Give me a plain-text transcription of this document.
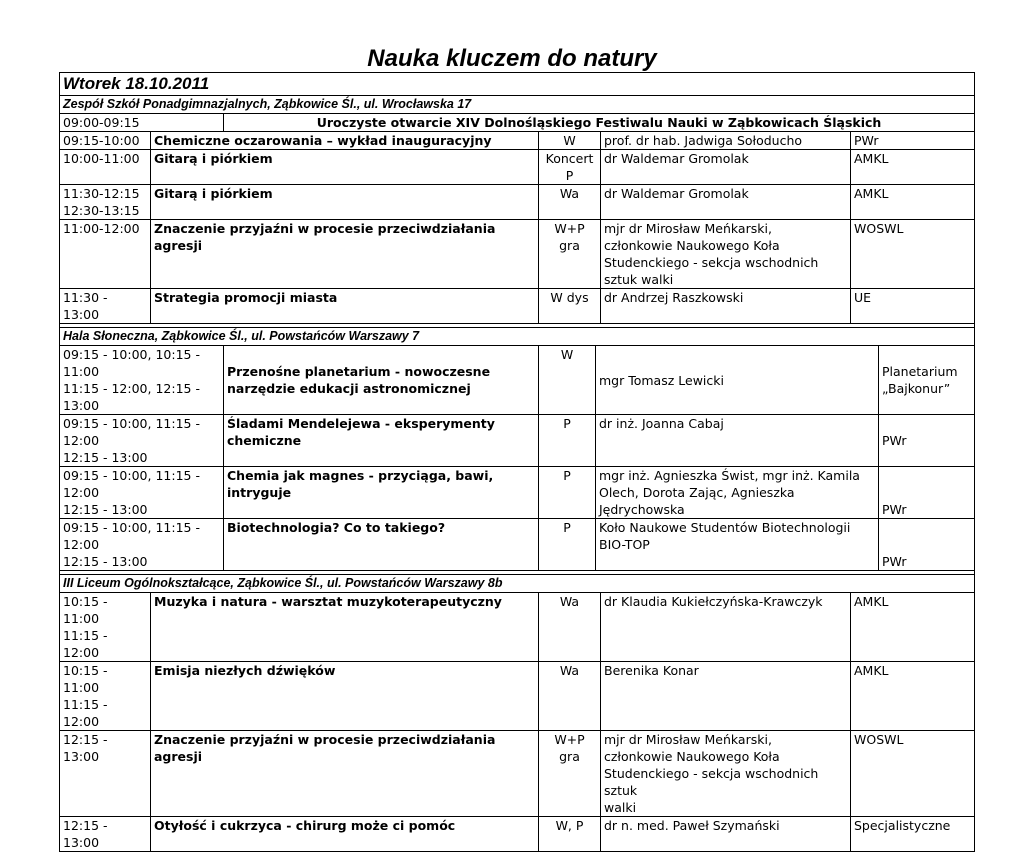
Nauka kluczem do natury
Wtorek 18.10.2011							
Zespół Szkół Ponadgimnazjalnych, Ząbkowice Śl., ul. Wrocławska 17							
09:00-09:15		Uroczyste otwarcie XIV Dolnośląskiego Festiwalu Nauki w Ząbkowicach Śląskich					

09:15-10:00	Chemiczne oczarowania – wykład inauguracyjny		W		prof. dr hab. Jadwiga Sołoducho	PWr	

10:00-11:00	Gitarą i piórkiem		Koncert
P		dr Waldemar Gromolak	AMKL	

11:30-12:15
12:30-13:15	Gitarą i piórkiem		Wa		dr Waldemar Gromolak	AMKL	

11:00-12:00	Znaczenie przyjaźni w procesie przeciwdziałania agresji		W+P gra		mjr dr Mirosław Meńkarski,
członkowie Naukowego Koła
Studenckiego - sekcja wschodnich
sztuk walki	WOSWL	

11:30 - 13:00	Strategia promocji miasta		W dys		dr Andrzej Raszkowski	UE	

Hala Słoneczna, Ząbkowice Śl., ul. Powstańców Warszawy 7							

09:15 - 10:00, 10:15 -
11:00
11:15 - 12:00, 12:15 -
13:00		Przenośne planetarium - nowoczesne
narzędzie edukacji astronomicznej	W	mgr Tomasz Lewicki			Planetarium
„Bajkonur”

09:15 - 10:00, 11:15 -
12:00
12:15 - 13:00		Śladami Mendelejewa - eksperymenty
chemiczne	P	dr inż. Joanna Cabaj			PWr

09:15 - 10:00, 11:15 -
12:00
12:15 - 13:00		Chemia jak magnes - przyciąga, bawi,
intryguje	P	mgr inż. Agnieszka Świst, mgr inż. Kamila
Olech, Dorota Zając, Agnieszka
Jędrychowska			PWr

09:15 - 10:00, 11:15 -
12:00
12:15 - 13:00		Biotechnologia? Co to takiego?	P	Koło Naukowe Studentów Biotechnologii
BIO-TOP			PWr

III Liceum Ogólnokształcące, Ząbkowice Śl., ul. Powstańców Warszawy 8b							

10:15 - 11:00
11:15 - 12:00	Muzyka i natura - warsztat muzykoterapeutyczny		Wa		dr Klaudia Kukiełczyńska-Krawczyk	AMKL	

10:15 - 11:00
11:15 - 12:00	Emisja niezłych dźwięków		Wa		Berenika Konar	AMKL	

12:15 - 13:00	Znaczenie przyjaźni w procesie przeciwdziałania agresji		W+P
gra		mjr dr Mirosław Meńkarski,
członkowie Naukowego Koła
Studenckiego - sekcja wschodnich sztuk
walki	WOSWL	

12:15 - 13:00	Otyłość i cukrzyca - chirurg może ci pomóc		W, P		dr n. med. Paweł Szymański	Specjalistyczne	
